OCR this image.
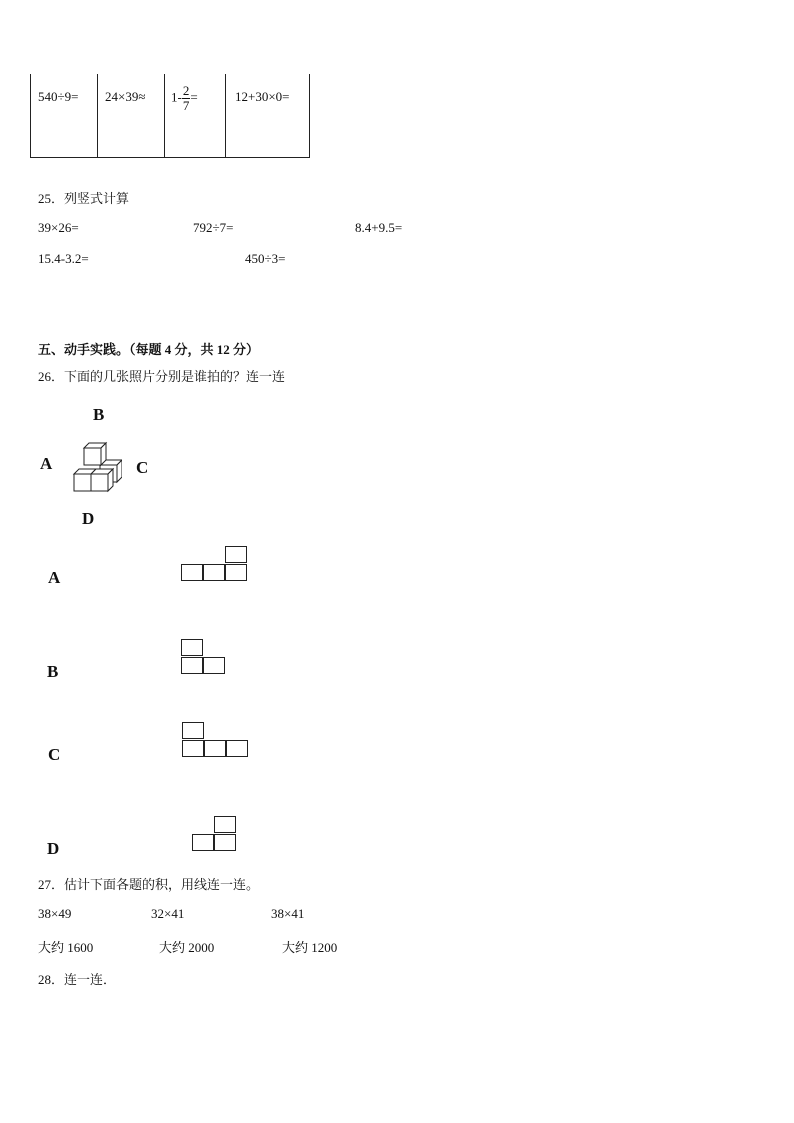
540÷9=	24×39≈	$1- \frac{2}{7}$ =	12+30×0=
25．列竖式计算
39×26=	792÷7=	8.4+9.5=
15.4-3.2=	450÷3=
五、动手实践。（每题 4 分，共 12 分）
26．下面的几张照片分别是谁拍的？连一连
B
A	C
D
A
B
C
D
27．估计下面各题的积，用线连一连。
38×49	32×41	38×41
大约 1600	大约 2000	大约 1200
28．连一连．
